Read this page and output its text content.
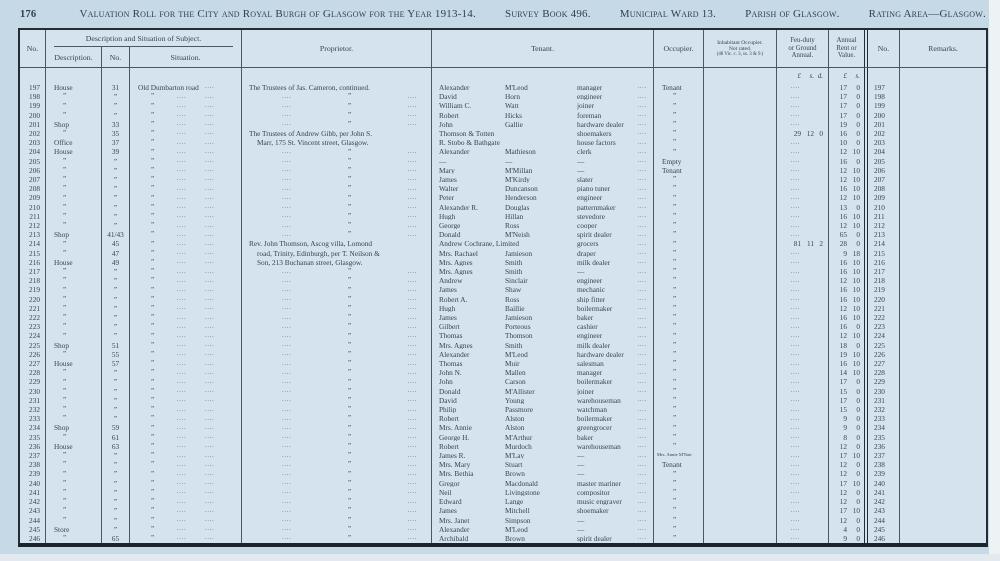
176	Valuation Roll for the City and Royal Burgh of Glasgow for the Year 1913-14.	Survey Book 496.	Municipal Ward 13.	Parish of Glasgow.	Rating Area—Glasgow.
No.
Description and Situation of Subject.
Description.	No.	Situation.
Proprietor.	Tenant.	Occupier.
Inhabitant Occupier.
Not rated.
(48 Vic. c. 3, ss. 3 & 9.)
Feu-duty
or Ground
Annual.
Annual
Rent or
Value.
No.	Remarks.
£	s. d.	£	s.
197	House	31	Old Dumbarton road ....	The Trustees of Jas. Cameron, continued.	Alexander	M'Leod	manager	....	Tenant	....	17	0	197
198	”	”	”	....	....	....	”	....	David	Horn	engineer	....	”	....	17	0	198
199	”	”	”	....	....	....	”	....	William C.	Watt	joiner	....	”	....	17	0	199
200	”	”	”	....	....	....	”	....	Robert	Hicks	foreman	....	”	....	17	0	200
201	Shop	33	”	....	....	....	”	....	John	Gallie	hardware dealer	....	”	....	19	0	201
202	”	35	”	....	....	The Trustees of Andrew Gibb, per John S.	Thomson & Totten	shoemakers	....	”	29 12 0	16	0	202
203	Office	37	”	....	....	Marr, 175 St. Vincent street, Glasgow.	R. Stobo & Bathgate	house factors	....	”	....	10	0	203
204	House	39	”	....	....	....	”	....	Alexander	Mathieson	clerk	....	”	....	12 10	204
205	”	”	”	....	....	....	”	....	—	—	—	....	Empty	....	16	0	205
206	”	”	”	....	....	....	”	....	Mary	M'Millan	—	....	Tenant	....	12 10	206
207	”	”	”	....	....	....	”	....	James	M'Kirdy	slater	....	”	....	12 10	207
208	”	”	”	....	....	....	”	....	Walter	Duncanson	piano tuner	....	”	....	16 10	208
209	”	”	”	....	....	....	”	....	Peter	Henderson	engineer	....	”	....	12 10	209
210	”	”	”	....	....	....	”	....	Alexander R.	Douglas	patternmaker	....	”	....	13	0	210
211	”	”	”	....	....	....	”	....	Hugh	Hillan	stevedore	....	”	....	16 10	211
212	”	”	”	....	....	....	”	....	George	Ross	cooper	....	”	....	12 10	212
213	Shop	41/43	”	....	....	....	”	....	Donald	M'Neish	spirit dealer	....	”	....	65	0	213
214	”	45	”	....	....	Rev. John Thomson, Ascog villa, Lomond	Andrew Cochrane, Limited	grocers	....	”	81 11 2	28	0	214
215	”	47	”	....	....	road, Trinity, Edinburgh, per T. Neilson &	Mrs. Rachael	Jamieson	draper	....	”	....	9 18	215
216	House	49	”	....	....	Son, 213 Buchanan street, Glasgow.	Mrs. Agnes	Smith	milk dealer	....	”	....	16 10	216
217	”	”	”	....	....	....	”	....	Mrs. Agnes	Smith	—	....	”	....	16 10	217
218	”	”	”	....	....	....	”	....	Andrew	Sinclair	engineer	....	”	....	12 10	218
219	”	”	”	....	....	....	”	....	James	Shaw	mechanic	....	”	....	16 10	219
220	”	”	”	....	....	....	”	....	Robert A.	Ross	ship fitter	....	”	....	16 10	220
221	”	”	”	....	....	....	”	....	Hugh	Baillie	boilermaker	....	”	....	12 10	221
222	”	”	”	....	....	....	”	....	James	Jamieson	baker	....	”	....	16 10	222
223	”	”	”	....	....	....	”	....	Gilbert	Porteous	cashier	....	”	....	16	0	223
224	”	”	”	....	....	....	”	....	Thomas	Thomson	engineer	....	”	....	12 10	224
225	Shop	51	”	....	....	....	”	....	Mrs. Agnes	Smith	milk dealer	....	”	....	18	0	225
226	”	55	”	....	....	....	”	....	Alexander	M'Leod	hardware dealer	....	”	....	19 10	226
227	House	57	”	....	....	....	”	....	Thomas	Muir	salesman	....	”	....	16 10	227
228	”	”	”	....	....	....	”	....	John N.	Mallen	manager	....	”	....	14 10	228
229	”	”	”	....	....	....	”	....	John	Carson	boilermaker	....	”	....	17	0	229
230	”	”	”	....	....	....	”	....	Donald	M'Allister	joiner	....	”	....	15	0	230
231	”	”	”	....	....	....	”	....	David	Young	warehouseman	....	”	....	17	0	231
232	”	”	”	....	....	....	”	....	Philip	Passmore	watchman	....	”	....	15	0	232
233	”	”	”	....	....	....	”	....	Robert	Alston	boilermaker	....	”	....	9	0	233
234	Shop	59	”	....	....	....	”	....	Mrs. Annie	Alston	greengrocer	....	”	....	9	0	234
235	”	61	”	....	....	....	”	....	George H.	M'Arthur	baker	....	”	....	8	0	235
236	House	63	”	....	....	....	”	....	Robert	Murdoch	warehouseman	....	”	....	12	0	236
237	”	”	”	....	....	....	”	....	James R.	M'Lay	—	....	Mrs. Annie M'Nair	....	17 10	237
238	”	”	”	....	....	....	”	....	Mrs. Mary	Stuart	—	....	Tenant	....	12	0	238
239	”	”	”	....	....	....	”	....	Mrs. Bethia	Brown	—	....	”	....	12	0	239
240	”	”	”	....	....	....	”	....	Gregor	Macdonald	master mariner	....	”	....	17 10	240
241	”	”	”	....	....	....	”	....	Neil	Livingstone	compositor	....	”	....	12	0	241
242	”	”	”	....	....	....	”	....	Edward	Lange	music engraver	....	”	....	12	0	242
243	”	”	”	....	....	....	”	....	James	Mitchell	shoemaker	....	”	....	17 10	243
244	”	”	”	....	....	....	”	....	Mrs. Janet	Simpson	—	....	”	....	12	0	244
245	Store	”	”	....	....	....	”	....	Alexander	M'Leod	—	....	”	....	4	0	245
246	”	65	”	....	....	....	”	....	Archibald	Brown	spirit dealer	....	”	....	9	0	246
